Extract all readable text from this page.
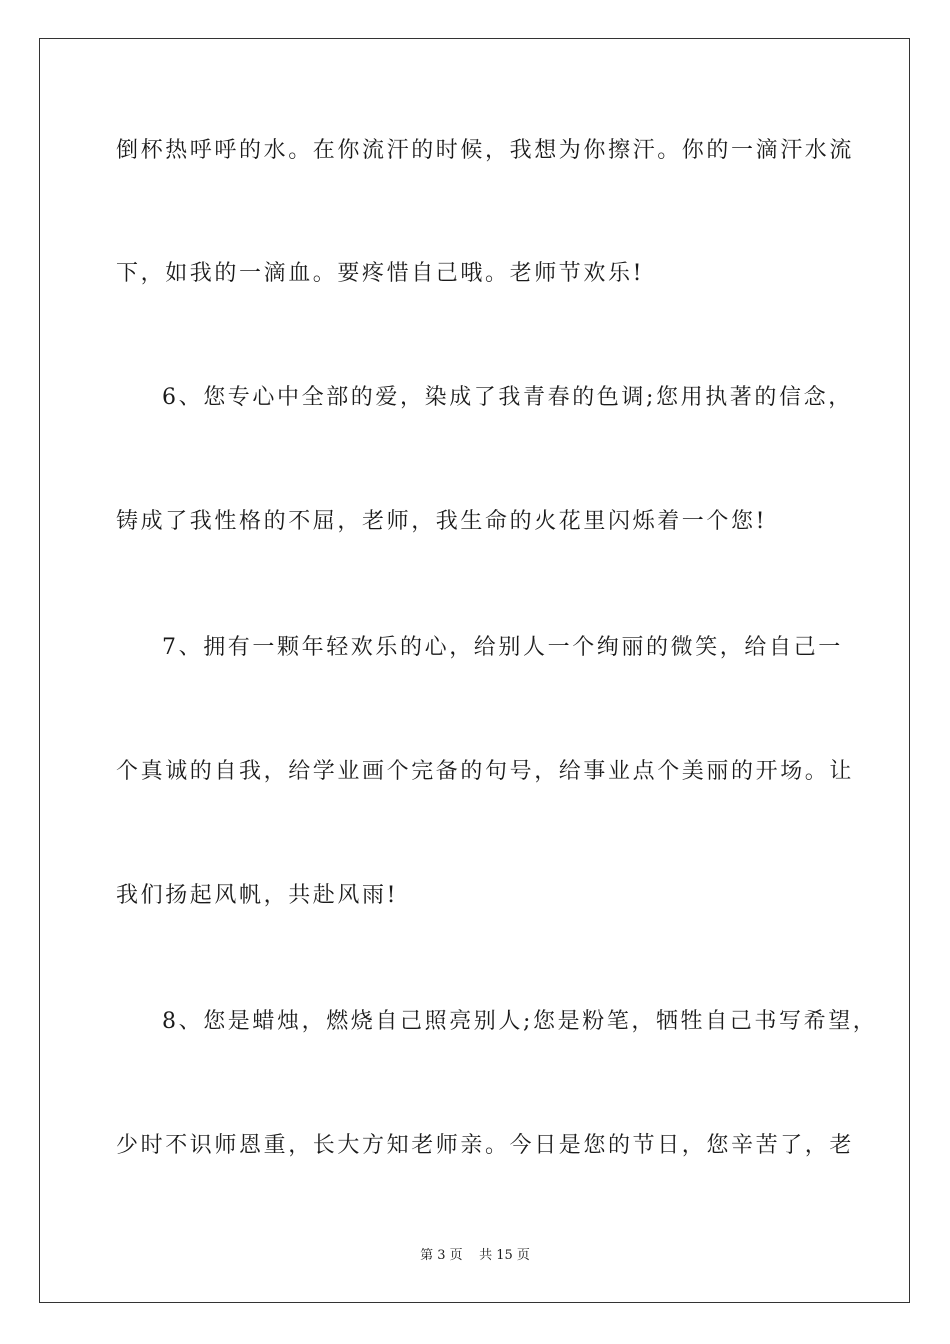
倒杯热呼呼的水。在你流汗的时候，我想为你擦汗。你的一滴汗水流
下，如我的一滴血。要疼惜自己哦。老师节欢乐!
6、您专心中全部的爱，染成了我青春的色调;您用执著的信念，
铸成了我性格的不屈，老师，我生命的火花里闪烁着一个您!
7、拥有一颗年轻欢乐的心，给别人一个绚丽的微笑，给自己一
个真诚的自我，给学业画个完备的句号，给事业点个美丽的开场。让
我们扬起风帆，共赴风雨!
8、您是蜡烛，燃烧自己照亮别人;您是粉笔，牺牲自己书写希望，
少时不识师恩重，长大方知老师亲。今日是您的节日，您辛苦了，老
第 3 页    共 15 页
